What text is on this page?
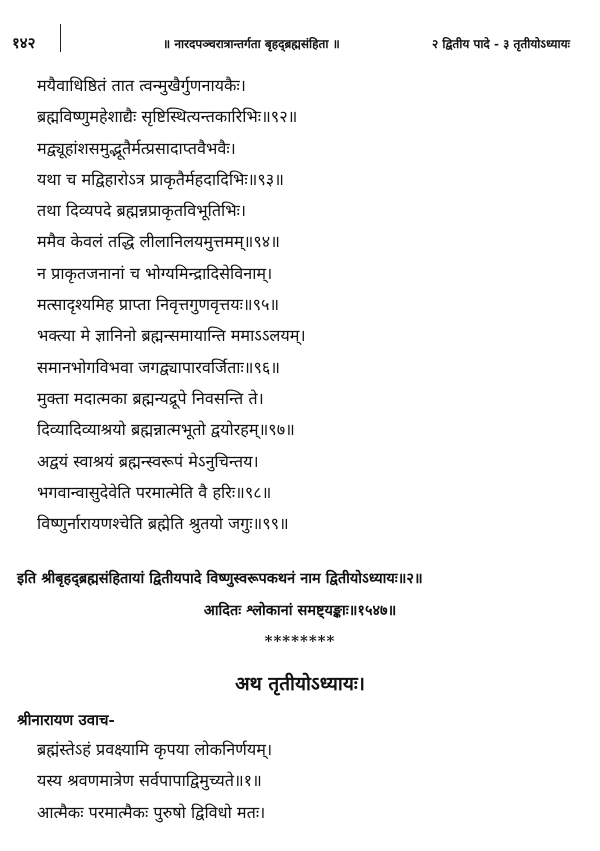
१४२	॥ नारदपञ्चरात्रान्तर्गता बृहद्ब्रह्मसंहिता ॥	२ द्वितीय पादे - ३ तृतीयोऽध्यायः
मयैवाधिष्ठितं तात त्वन्मुखैर्गुणनायकैः।
ब्रह्मविष्णुमहेशाद्यैः सृष्टिस्थित्यन्तकारिभिः॥९२॥
मद्व्यूहांशसमुद्भूतैर्मत्प्रसादाप्तवैभवैः।
यथा च मद्विहारोऽत्र प्राकृतैर्महदादिभिः॥९३॥
तथा दिव्यपदे ब्रह्मन्नप्राकृतविभूतिभिः।
ममैव केवलं तद्धि लीलानिलयमुत्तमम्॥९४॥
न प्राकृतजनानां च भोग्यमिन्द्रादिसेविनाम्।
मत्सादृश्यमिह प्राप्ता निवृत्तगुणवृत्तयः॥९५॥
भक्त्या मे ज्ञानिनो ब्रह्मन्समायान्ति ममाऽऽलयम्।
समानभोगविभवा जगद्व्यापारवर्जिताः॥९६॥
मुक्ता मदात्मका ब्रह्मन्यद्रूपे निवसन्ति ते।
दिव्यादिव्याश्रयो ब्रह्मन्नात्मभूतो द्वयोरहम्॥९७॥
अद्वयं स्वाश्रयं ब्रह्मन्स्वरूपं मेऽनुचिन्तय।
भगवान्वासुदेवेति परमात्मेति वै हरिः॥९८॥
विष्णुर्नारायणश्चेति ब्रह्मेति श्रुतयो जगुः॥९९॥
इति श्रीबृहद्ब्रह्मसंहितायां द्वितीयपादे विष्णुस्वरूपकथनं नाम द्वितीयोऽध्यायः॥२॥
आदितः श्लोकानां समष्ट्यङ्काः॥१५४७॥
********
अथ तृतीयोऽध्यायः।
श्रीनारायण उवाच-
ब्रह्मंस्तेऽहं प्रवक्ष्यामि कृपया लोकनिर्णयम्।
यस्य श्रवणमात्रेण सर्वपापाद्विमुच्यते॥१॥
आत्मैकः परमात्मैकः पुरुषो द्विविधो मतः।
